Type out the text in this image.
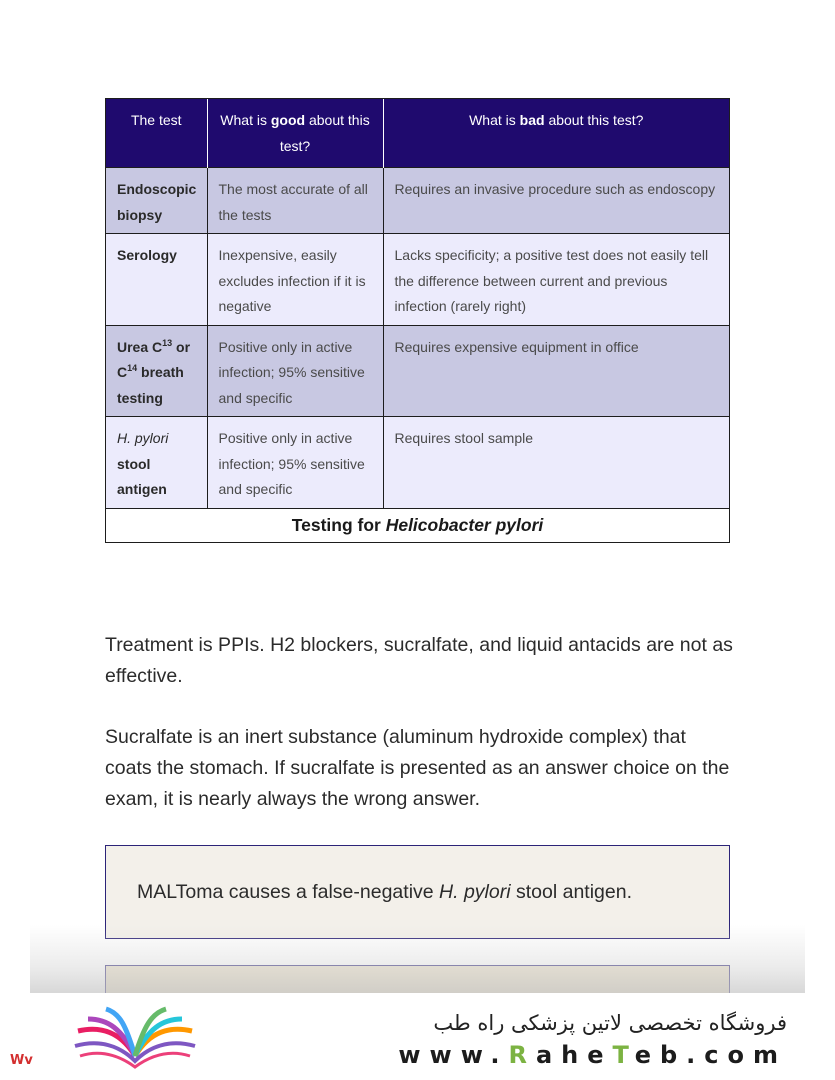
The test	What is good about this test?	What is bad about this test?
Endoscopic biopsy	The most accurate of all the tests	Requires an invasive procedure such as endoscopy
Serology	Inexpensive, easily excludes infection if it is negative	Lacks specificity; a positive test does not easily tell the difference between current and previous infection (rarely right)
Urea $C^{13}$ or $C^{14}$ breath testing	Positive only in active infection; 95% sensitive and specific	Requires expensive equipment in office
H. pylori stool antigen	Positive only in active infection; 95% sensitive and specific	Requires stool sample
Testing for Helicobacter pylori

Treatment is PPIs. H2 blockers, sucralfate, and liquid antacids are not as effective.

Sucralfate is an inert substance (aluminum hydroxide complex) that coats the stomach. If sucralfate is presented as an answer choice on the exam, it is nearly always the wrong answer.

MALToma causes a false-negative H. pylori stool antigen.
فروشگاه تخصصی لاتین پزشکی راه طب
www.RaheTeb.com
Wv
